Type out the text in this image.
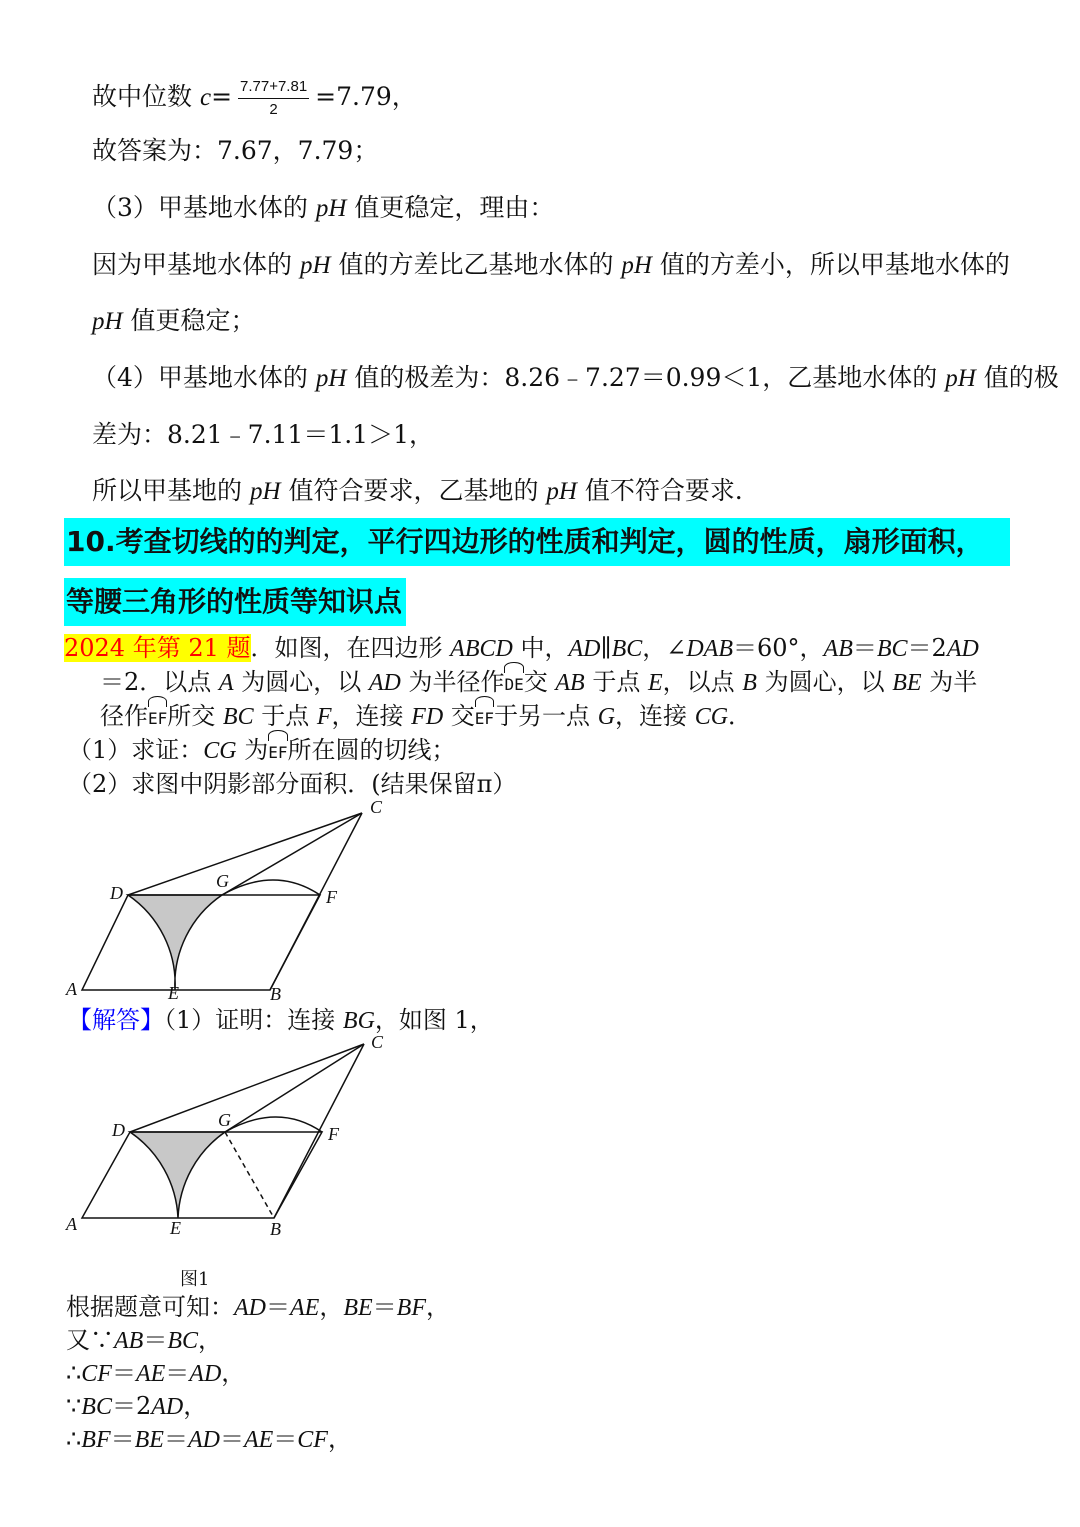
故中位数 $c= \frac{7.77+7.81}{2} =7.79$，
故答案为：7.67，7.79；
（3）甲基地水体的 pH 值更稳定，理由：
因为甲基地水体的 pH 值的方差比乙基地水体的 pH 值的方差小，所以甲基地水体的
pH 值更稳定；
（4）甲基地水体的 pH 值的极差为：8.26﹣7.27＝0.99＜1，乙基地水体的 pH 值的极
差为：8.21﹣7.11＝1.1＞1，
所以甲基地的 pH 值符合要求，乙基地的 pH 值不符合要求．
10.考查切线的的判定，平行四边形的性质和判定，圆的性质，扇形面积，
等腰三角形的性质等知识点
2024 年第 21 题．如图，在四边形 ABCD 中，AD∥BC，∠DAB＝60°，AB＝BC＝2AD
＝2．以点 A 为圆心，以 AD 为半径作DE交 AB 于点 E，以点 B 为圆心，以 BE 为半
径作EF所交 BC 于点 F，连接 FD 交EF于另一点 G，连接 CG．
（1）求证：CG 为EF所在圆的切线；
（2）求图中阴影部分面积．(结果保留π）
A	B
C
D
E
F
G
【解答】（1）证明：连接 BG，如图 1，
A	B
C
D
E
F
G
图1
根据题意可知：AD＝AE，BE＝BF，
又∵AB＝BC，
∴CF＝AE＝AD，
∵BC＝2AD，
∴BF＝BE＝AD＝AE＝CF，
